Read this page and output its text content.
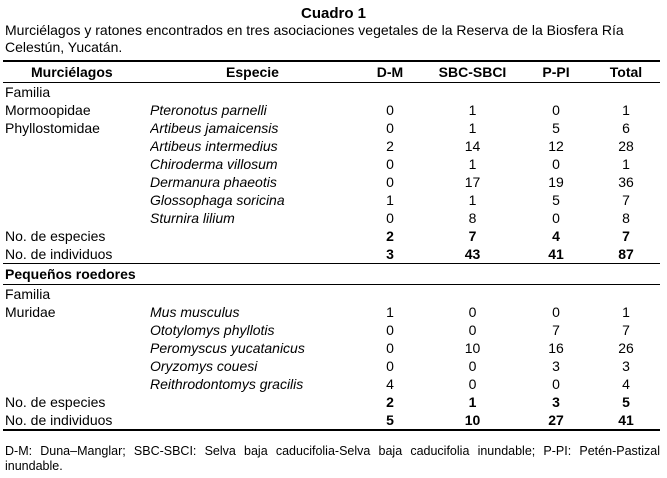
Cuadro 1
Murciélagos y ratones encontrados en tres asociaciones vegetales de la Reserva de la Biosfera Ría Celestún, Yucatán.
Murciélagos	Especie	D-M	SBC-SBCI	P-PI	Total
Familia					
Mormoopidae	Pteronotus parnelli	0	1	0	1
Phyllostomidae	Artibeus jamaicensis	0	1	5	6
	Artibeus intermedius	2	14	12	28
	Chiroderma villosum	0	1	0	1
	Dermanura phaeotis	0	17	19	36
	Glossophaga soricina	1	1	5	7
	Sturnira lilium	0	8	0	8
No. de especies		2	7	4	7
No. de individuos		3	43	41	87
Pequeños roedores					
Familia					
Muridae	Mus musculus	1	0	0	1
	Ototylomys phyllotis	0	0	7	7
	Peromyscus yucatanicus	0	10	16	26
	Oryzomys couesi	0	0	3	3
	Reithrodontomys gracilis	4	0	0	4
No. de especies		2	1	3	5
No. de individuos		5	10	27	41
D-M: Duna–Manglar; SBC-SBCI: Selva baja caducifolia-Selva baja caducifolia inundable; P-PI: Petén-Pastizal inundable.
